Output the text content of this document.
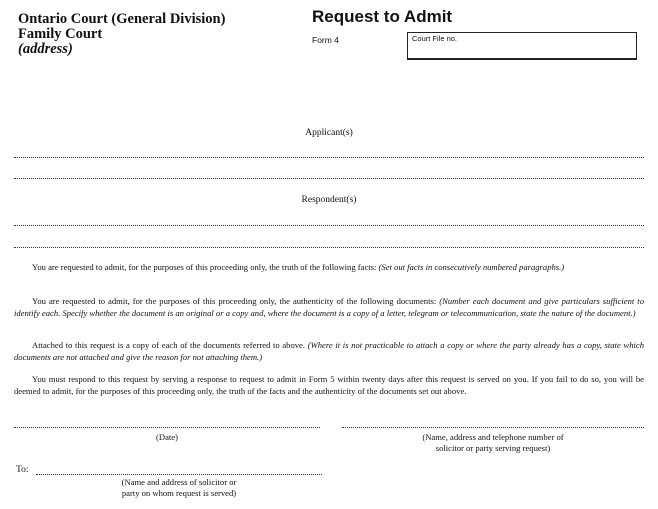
Ontario Court (General Division)
Family Court
(address)
Request to Admit
Form 4	Court File no.
Applicant(s)
Respondent(s)
You are requested to admit, for the purposes of this proceeding only, the truth of the following facts: (Set out facts in consecutively numbered paragraphs.)
You are requested to admit, for the purposes of this proceeding only, the authenticity of the following documents: (Number each document and give particulars sufficient to identify each. Specify whether the document is an original or a copy and, where the document is a copy of a letter, telegram or telecommunication, state the nature of the document.)
Attached to this request is a copy of each of the documents referred to above. (Where it is not practicable to attach a copy or where the party already has a copy, state which documents are not attached and give the reason for not attaching them.)
You must respond to this request by serving a response to request to admit in Form 5 within twenty days after this request is served on you. If you fail to do so, you will be deemed to admit, for the purposes of this proceeding only, the truth of the facts and the authenticity of the documents set out above.
(Date)	(Name, address and telephone number of
solicitor or party serving request)
To:
(Name and address of solicitor or
party on whom request is served)
